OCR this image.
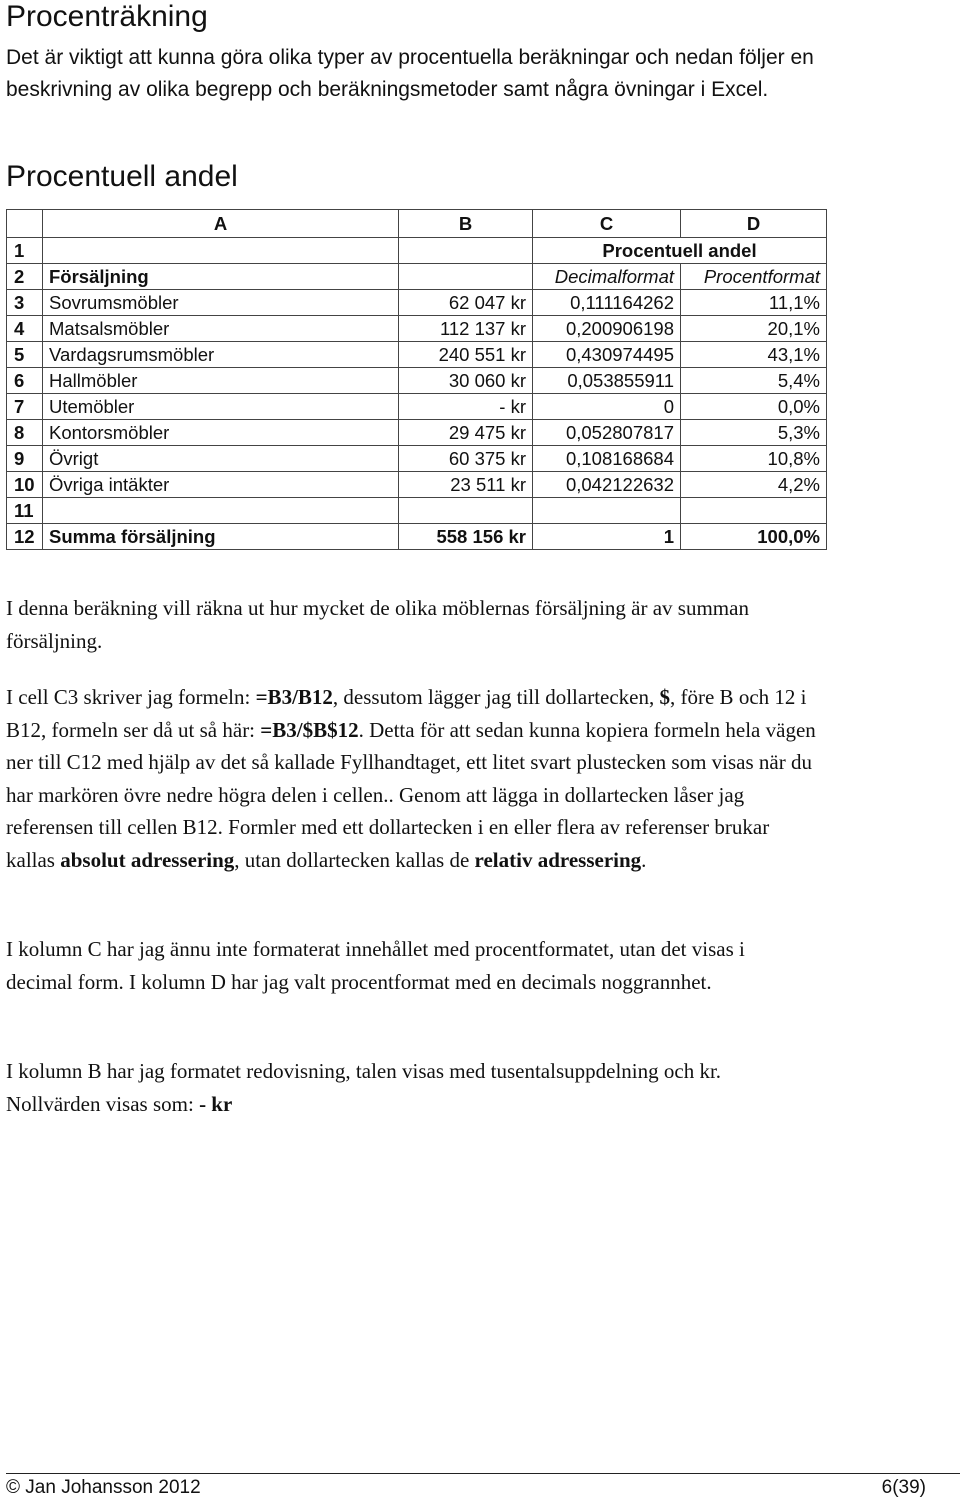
Procenträkning

Det är viktigt att kunna göra olika typer av procentuella beräkningar och nedan följer en beskrivning av olika begrepp och beräkningsmetoder samt några övningar i Excel.

Procentuell andel
	A	B	C	D
1			Procentuell andel	
2	Försäljning		Decimalformat	Procentformat
3	Sovrumsmöbler	62 047 kr	0,111164262	11,1%
4	Matsalsmöbler	112 137 kr	0,200906198	20,1%
5	Vardagsrumsmöbler	240 551 kr	0,430974495	43,1%
6	Hallmöbler	30 060 kr	0,053855911	5,4%
7	Utemöbler	- kr	0	0,0%
8	Kontorsmöbler	29 475 kr	0,052807817	5,3%
9	Övrigt	60 375 kr	0,108168684	10,8%
10	Övriga intäkter	23 511 kr	0,042122632	4,2%
11				
12	Summa försäljning	558 156 kr	1	100,0%

I denna beräkning vill räkna ut hur mycket de olika möblernas försäljning är av summan försäljning.

I cell C3 skriver jag formeln: =B3/B12, dessutom lägger jag till dollartecken, $, före B och 12 i B12, formeln ser då ut så här: =B3/$B$12. Detta för att sedan kunna kopiera formeln hela vägen ner till C12 med hjälp av det så kallade Fyllhandtaget, ett litet svart plustecken som visas när du har markören övre nedre högra delen i cellen.. Genom att lägga in dollartecken låser jag referensen till cellen B12. Formler med ett dollartecken i en eller flera av referenser brukar kallas absolut adressering, utan dollartecken kallas de relativ adressering.

I kolumn C har jag ännu inte formaterat innehållet med procentformatet, utan det visas i decimal form. I kolumn D har jag valt procentformat med en decimals noggrannhet.

I kolumn B har jag formatet redovisning, talen visas med tusentalsuppdelning och kr. Nollvärden visas som: - kr

© Jan Johansson 2012	6(39)
